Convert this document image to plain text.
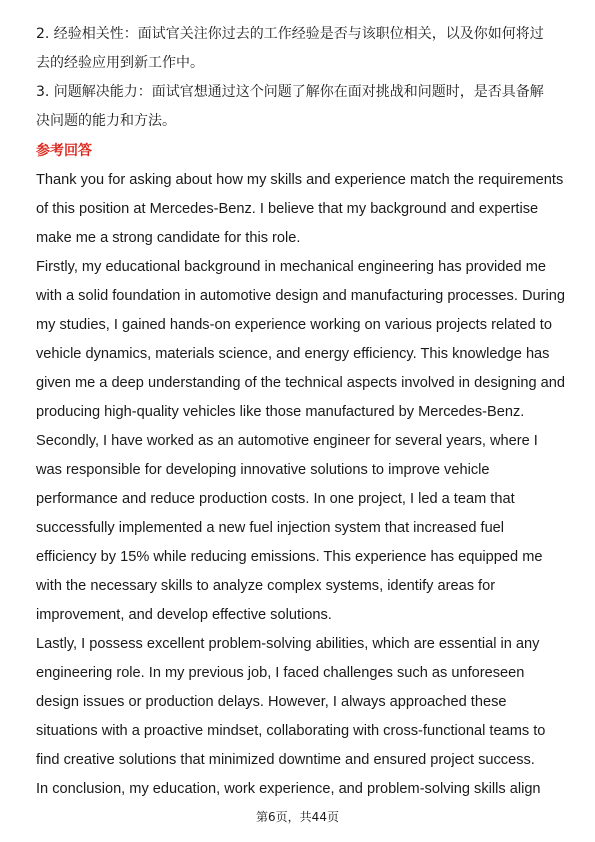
2. 经验相关性：面试官关注你过去的工作经验是否与该职位相关，以及你如何将过
去的经验应用到新工作中。
3. 问题解决能力：面试官想通过这个问题了解你在面对挑战和问题时，是否具备解
决问题的能力和方法。
参考回答
Thank you for asking about how my skills and experience match the requirements
of this position at Mercedes-Benz. I believe that my background and expertise
make me a strong candidate for this role.
Firstly, my educational background in mechanical engineering has provided me
with a solid foundation in automotive design and manufacturing processes. During
my studies, I gained hands-on experience working on various projects related to
vehicle dynamics, materials science, and energy efficiency. This knowledge has
given me a deep understanding of the technical aspects involved in designing and
producing high-quality vehicles like those manufactured by Mercedes-Benz.
Secondly, I have worked as an automotive engineer for several years, where I
was responsible for developing innovative solutions to improve vehicle
performance and reduce production costs. In one project, I led a team that
successfully implemented a new fuel injection system that increased fuel
efficiency by 15% while reducing emissions. This experience has equipped me
with the necessary skills to analyze complex systems, identify areas for
improvement, and develop effective solutions.
Lastly, I possess excellent problem-solving abilities, which are essential in any
engineering role. In my previous job, I faced challenges such as unforeseen
design issues or production delays. However, I always approached these
situations with a proactive mindset, collaborating with cross-functional teams to
find creative solutions that minimized downtime and ensured project success.
In conclusion, my education, work experience, and problem-solving skills align
第6页，共44页
